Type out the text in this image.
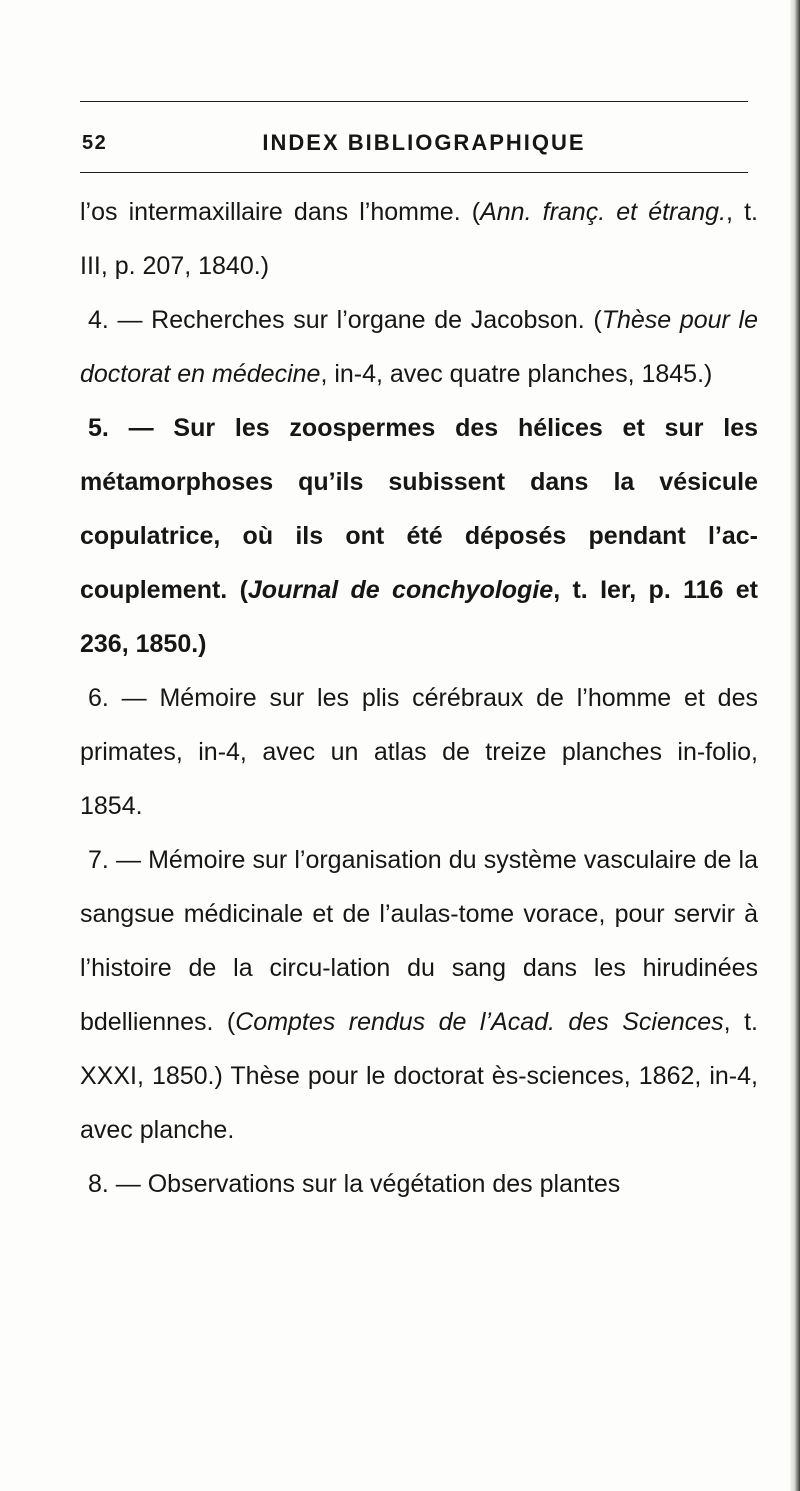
52	INDEX BIBLIOGRAPHIQUE

l’os intermaxillaire dans l’homme. (Ann. franç. et étrang., t. III, p. 207, 1840.)

4. — Recherches sur l’organe de Jacobson. (Thèse pour le doctorat en médecine, in-4, avec quatre planches, 1845.)

5. — Sur les zoospermes des hélices et sur les métamorphoses qu’ils subissent dans la vésicule copulatrice, où ils ont été déposés pendant l’ac-couplement. (Journal de conchyologie, t. Ier, p. 116 et 236, 1850.)

6. — Mémoire sur les plis cérébraux de l’homme et des primates, in-4, avec un atlas de treize planches in-folio, 1854.

7. — Mémoire sur l’organisation du système vasculaire de la sangsue médicinale et de l’aulas-tome vorace, pour servir à l’histoire de la circu-lation du sang dans les hirudinées bdelliennes. (Comptes rendus de l’Acad. des Sciences, t. XXXI, 1850.) Thèse pour le doctorat ès-sciences, 1862, in-4, avec planche.

8. — Observations sur la végétation des plantes
